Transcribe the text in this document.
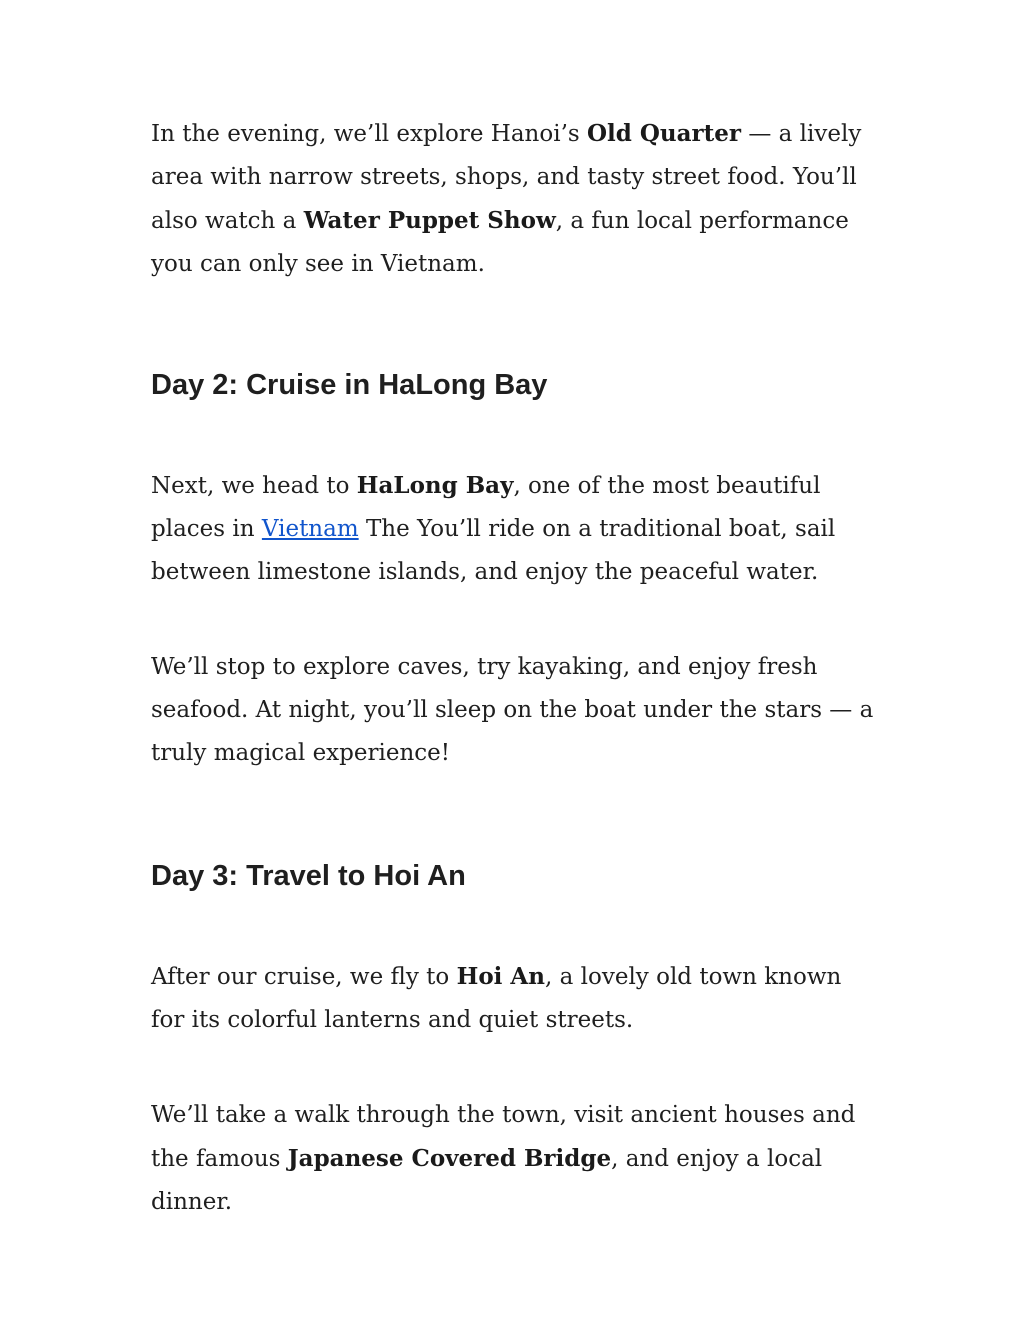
In the evening, we’ll explore Hanoi’s Old Quarter — a lively area with narrow streets, shops, and tasty street food. You’ll also watch a Water Puppet Show, a fun local performance you can only see in Vietnam.

Day 2: Cruise in HaLong Bay

Next, we head to HaLong Bay, one of the most beautiful places in Vietnam The You’ll ride on a traditional boat, sail between limestone islands, and enjoy the peaceful water.

We’ll stop to explore caves, try kayaking, and enjoy fresh seafood. At night, you’ll sleep on the boat under the stars — a truly magical experience!

Day 3: Travel to Hoi An

After our cruise, we fly to Hoi An, a lovely old town known for its colorful lanterns and quiet streets.

We’ll take a walk through the town, visit ancient houses and the famous Japanese Covered Bridge, and enjoy a local dinner.
